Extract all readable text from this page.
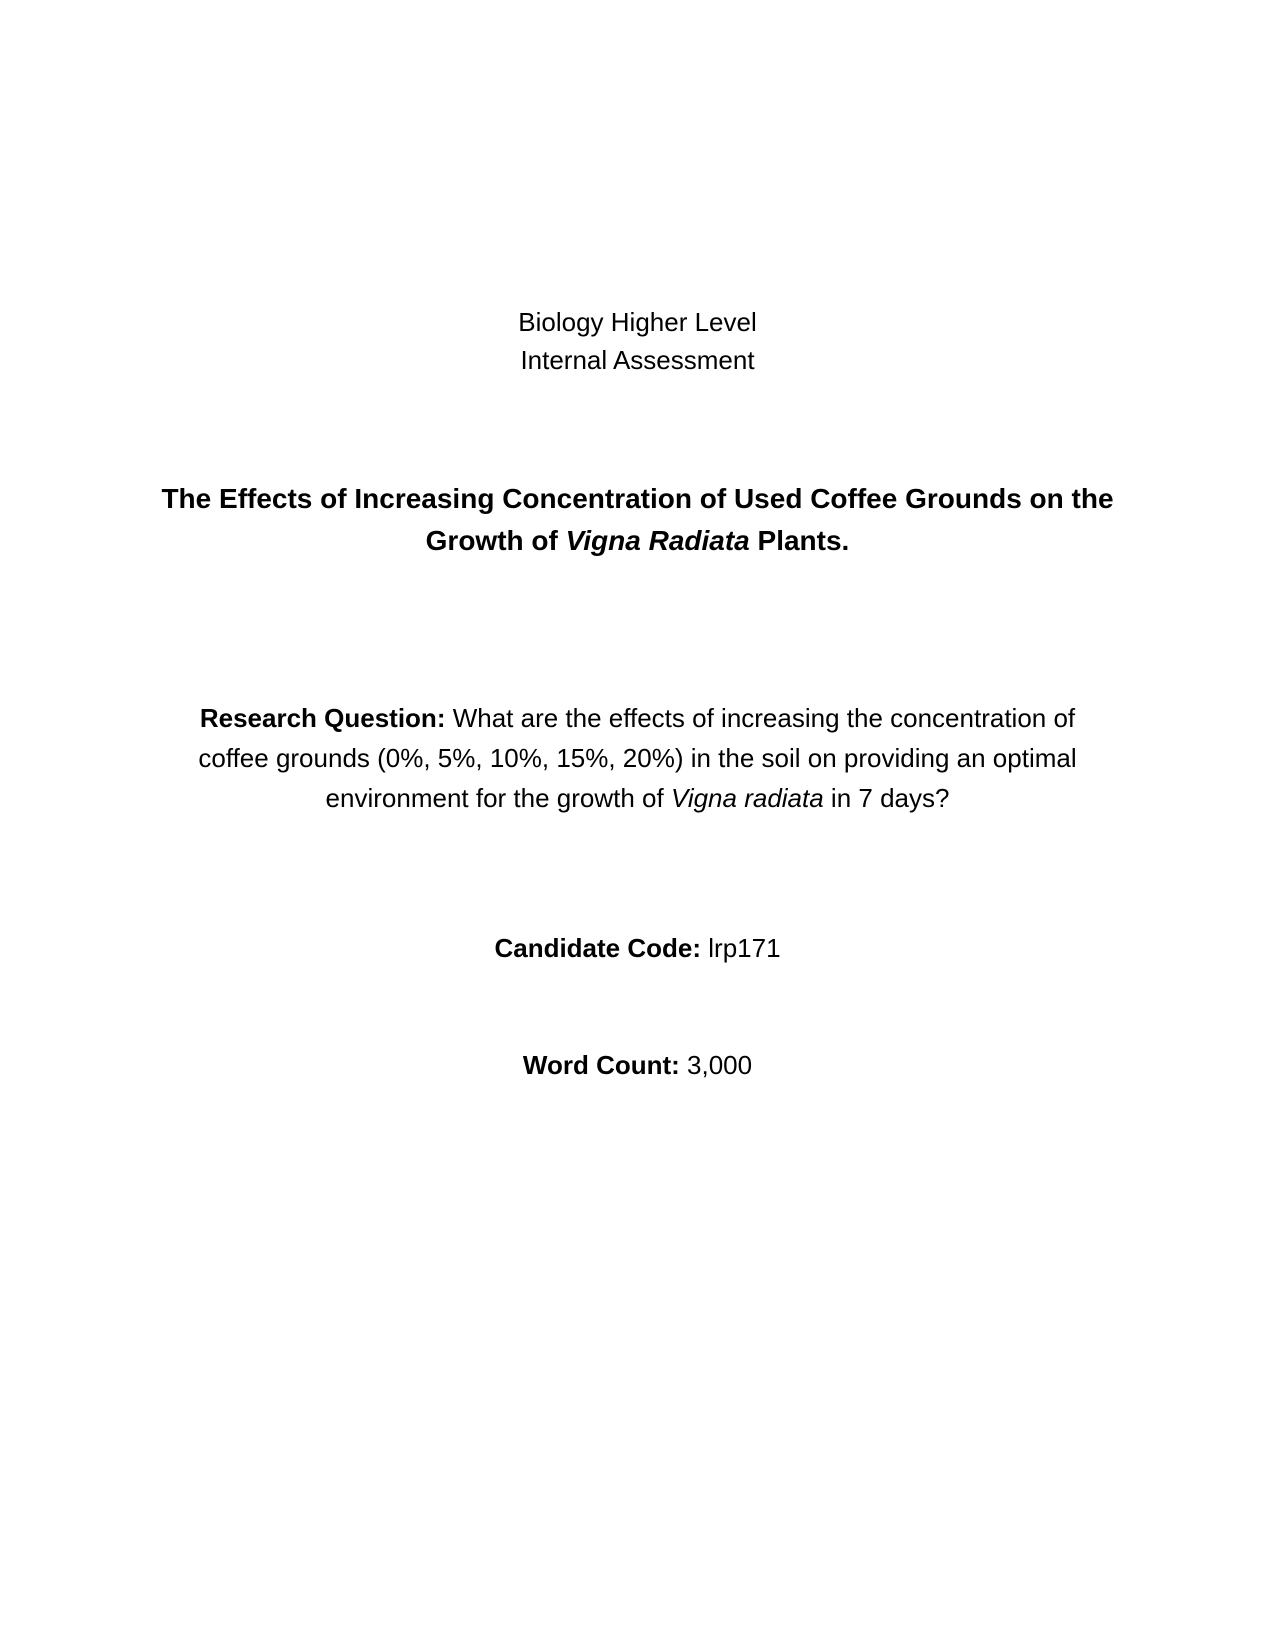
Biology Higher Level
Internal Assessment
The Effects of Increasing Concentration of Used Coffee Grounds on the
Growth of Vigna Radiata Plants.
Research Question: What are the effects of increasing the concentration of
coffee grounds (0%, 5%, 10%, 15%, 20%) in the soil on providing an optimal
environment for the growth of Vigna radiata in 7 days?
Candidate Code: lrp171
Word Count: 3,000
